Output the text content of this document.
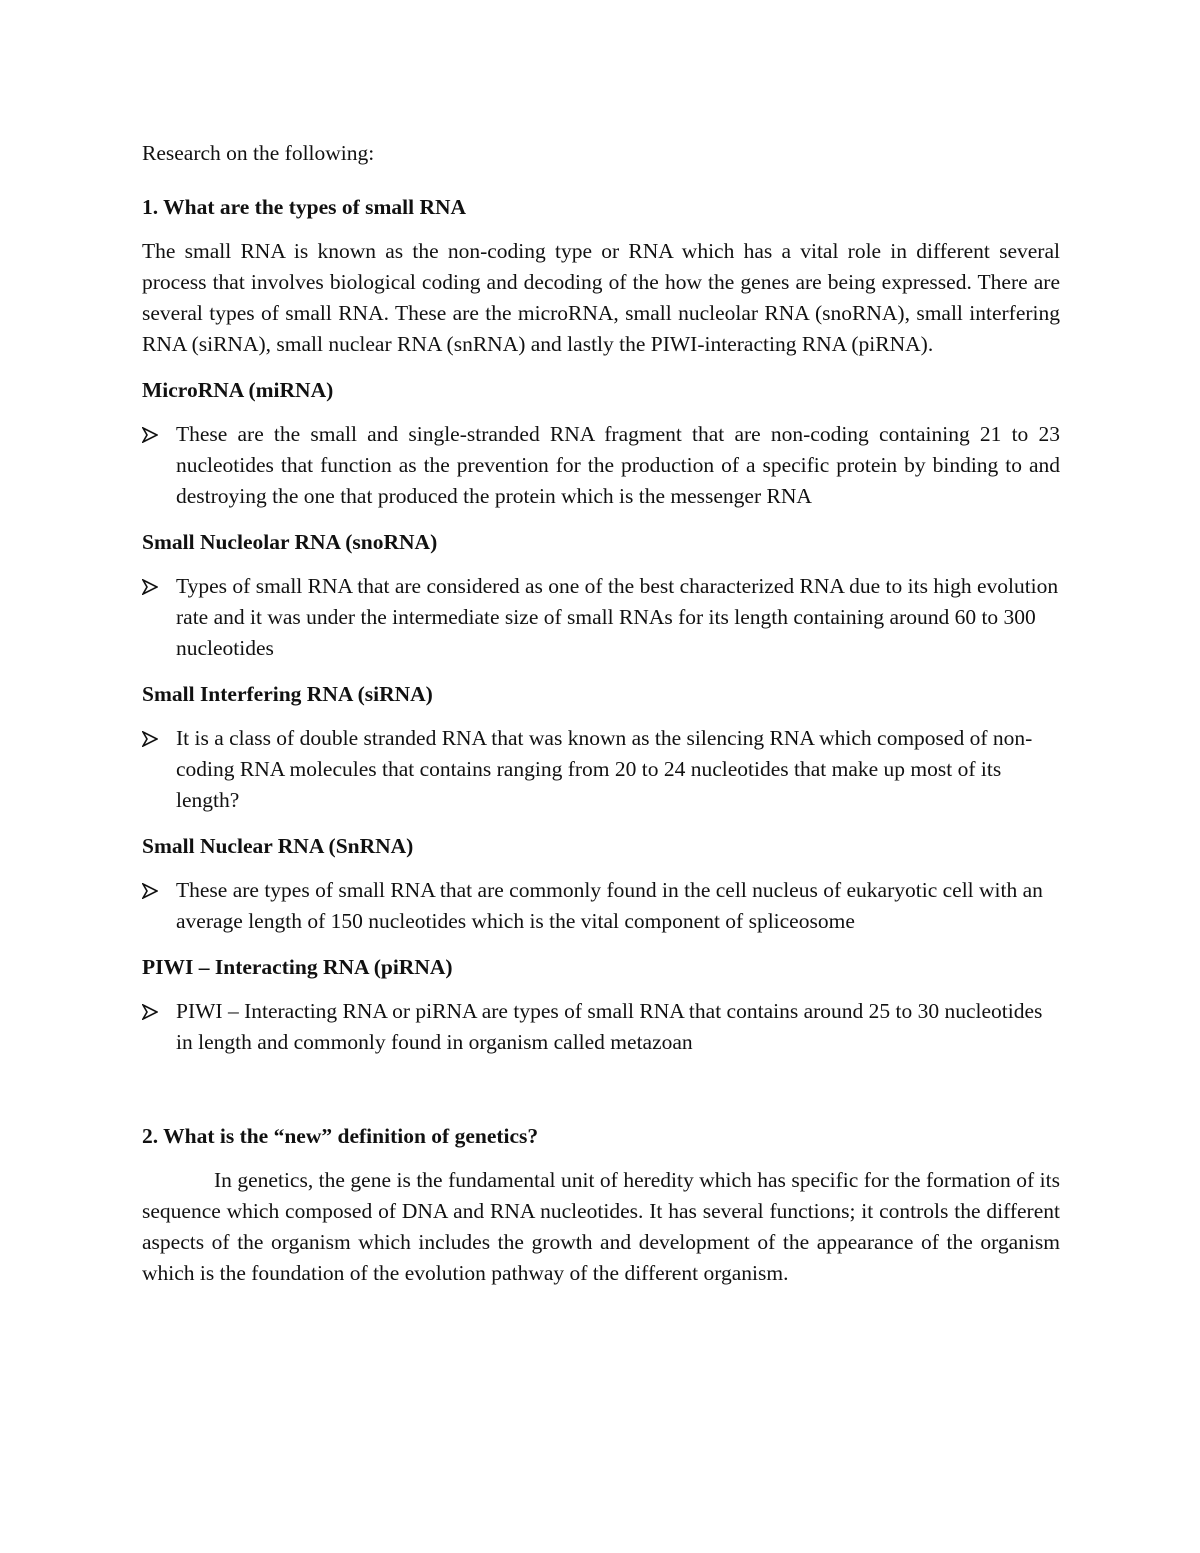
Research on the following:

1. What are the types of small RNA

The small RNA is known as the non-coding type or RNA which has a vital role in different several process that involves biological coding and decoding of the how the genes are being expressed. There are several types of small RNA. These are the microRNA, small nucleolar RNA (snoRNA), small interfering RNA (siRNA), small nuclear RNA (snRNA) and lastly the PIWI-interacting RNA (piRNA).

MicroRNA (miRNA)

These are the small and single-stranded RNA fragment that are non-coding containing 21 to 23 nucleotides that function as the prevention for the production of a specific protein by binding to and destroying the one that produced the protein which is the messenger RNA

Small Nucleolar RNA (snoRNA)

Types of small RNA that are considered as one of the best characterized RNA due to its high evolution rate and it was under the intermediate size of small RNAs for its length containing around 60 to 300 nucleotides

Small Interfering RNA (siRNA)

It is a class of double stranded RNA that was known as the silencing RNA which composed of non-coding RNA molecules that contains ranging from 20 to 24 nucleotides that make up most of its length?

Small Nuclear RNA (SnRNA)

These are types of small RNA that are commonly found in the cell nucleus of eukaryotic cell with an average length of 150 nucleotides which is the vital component of spliceosome

PIWI – Interacting RNA (piRNA)

PIWI – Interacting RNA or piRNA are types of small RNA that contains around 25 to 30 nucleotides in length and commonly found in organism called metazoan

2. What is the “new” definition of genetics?

In genetics, the gene is the fundamental unit of heredity which has specific for the formation of its sequence which composed of DNA and RNA nucleotides. It has several functions; it controls the different aspects of the organism which includes the growth and development of the appearance of the organism which is the foundation of the evolution pathway of the different organism.
